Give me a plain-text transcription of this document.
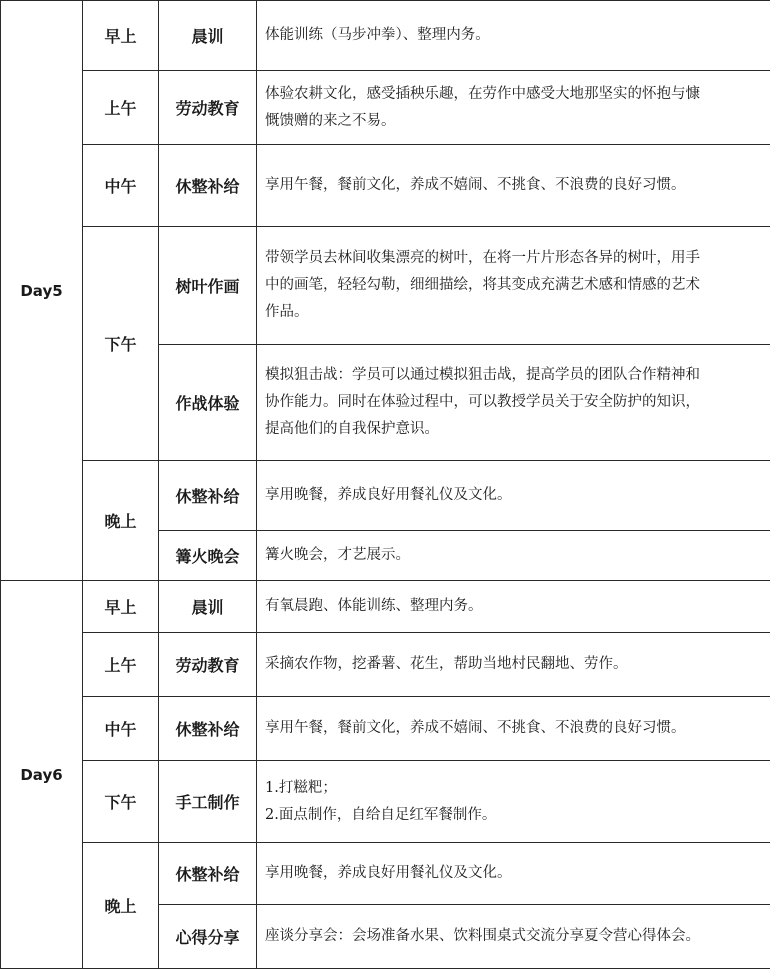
Day5	早上	晨训	体能训练（马步冲拳）、整理内务。

	上午	劳动教育	体验农耕文化，感受插秧乐趣，在劳作中感受大地那坚实的怀抱与慷
慨馈赠的来之不易。

	中午	休整补给	享用午餐，餐前文化，养成不嬉闹、不挑食、不浪费的良好习惯。

	下午	树叶作画	带领学员去林间收集漂亮的树叶，在将一片片形态各异的树叶，用手
中的画笔，轻轻勾勒，细细描绘，将其变成充满艺术感和情感的艺术
作品。

		作战体验	模拟狙击战：学员可以通过模拟狙击战，提高学员的团队合作精神和
协作能力。同时在体验过程中，可以教授学员关于安全防护的知识，
提高他们的自我保护意识。

	晚上	休整补给	享用晚餐，养成良好用餐礼仪及文化。

		篝火晚会	篝火晚会，才艺展示。

Day6	早上	晨训	有氧晨跑、体能训练、整理内务。

	上午	劳动教育	采摘农作物，挖番薯、花生，帮助当地村民翻地、劳作。

	中午	休整补给	享用午餐，餐前文化，养成不嬉闹、不挑食、不浪费的良好习惯。

	下午	手工制作	1.打糍粑；
2.面点制作，自给自足红军餐制作。

	晚上	休整补给	享用晚餐，养成良好用餐礼仪及文化。

		心得分享	座谈分享会：会场准备水果、饮料围桌式交流分享夏令营心得体会。
